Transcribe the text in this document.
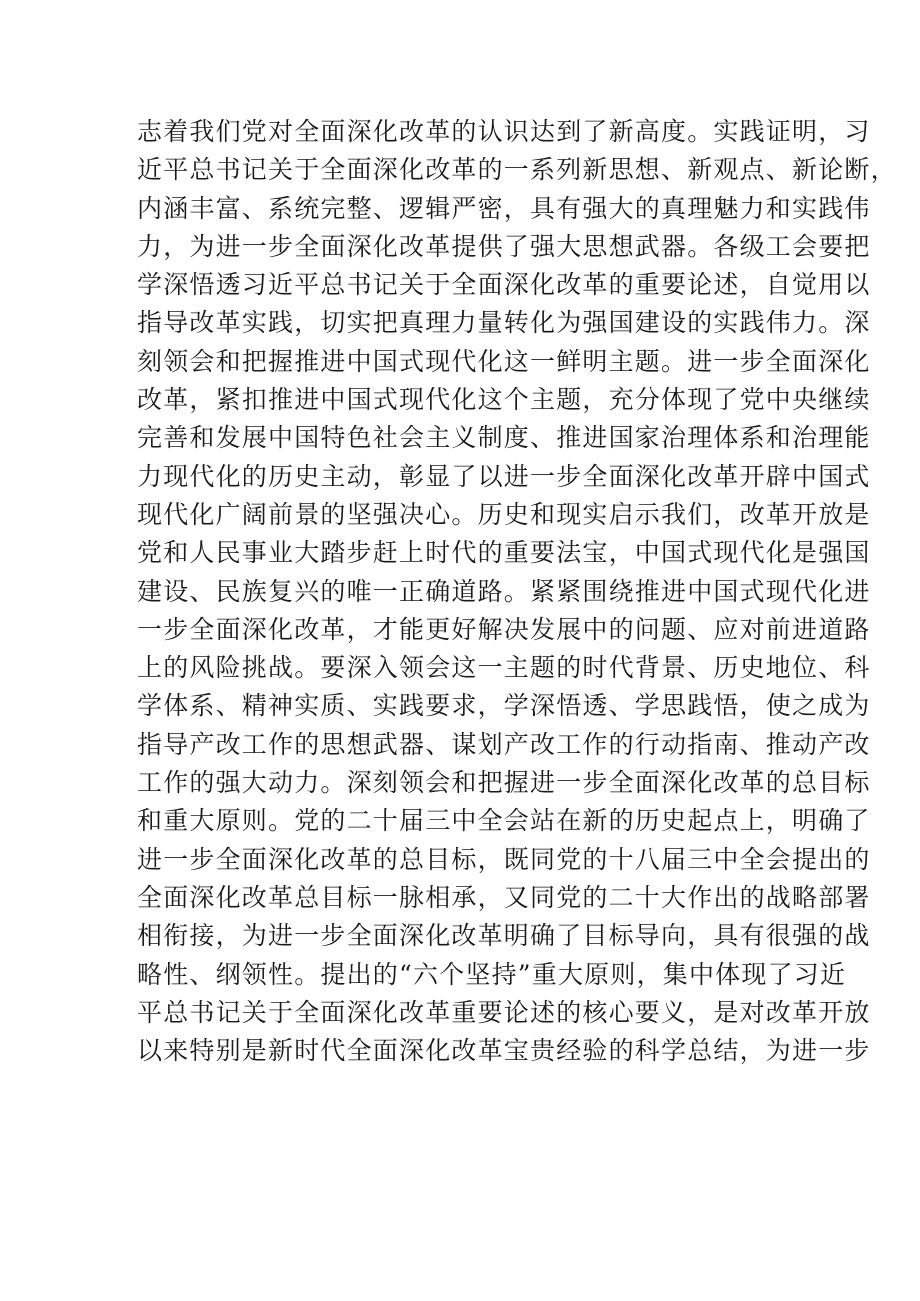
志着我们党对全面深化改革的认识达到了新高度。实践证明，习
近平总书记关于全面深化改革的一系列新思想、新观点、新论断，
内涵丰富、系统完整、逻辑严密，具有强大的真理魅力和实践伟
力，为进一步全面深化改革提供了强大思想武器。各级工会要把
学深悟透习近平总书记关于全面深化改革的重要论述，自觉用以
指导改革实践，切实把真理力量转化为强国建设的实践伟力。深
刻领会和把握推进中国式现代化这一鲜明主题。进一步全面深化
改革，紧扣推进中国式现代化这个主题，充分体现了党中央继续
完善和发展中国特色社会主义制度、推进国家治理体系和治理能
力现代化的历史主动，彰显了以进一步全面深化改革开辟中国式
现代化广阔前景的坚强决心。历史和现实启示我们，改革开放是
党和人民事业大踏步赶上时代的重要法宝，中国式现代化是强国
建设、民族复兴的唯一正确道路。紧紧围绕推进中国式现代化进
一步全面深化改革，才能更好解决发展中的问题、应对前进道路
上的风险挑战。要深入领会这一主题的时代背景、历史地位、科
学体系、精神实质、实践要求，学深悟透、学思践悟，使之成为
指导产改工作的思想武器、谋划产改工作的行动指南、推动产改
工作的强大动力。深刻领会和把握进一步全面深化改革的总目标
和重大原则。党的二十届三中全会站在新的历史起点上，明确了
进一步全面深化改革的总目标，既同党的十八届三中全会提出的
全面深化改革总目标一脉相承，又同党的二十大作出的战略部署
相衔接，为进一步全面深化改革明确了目标导向，具有很强的战
略性、纲领性。提出的“六个坚持”重大原则，集中体现了习近
平总书记关于全面深化改革重要论述的核心要义，是对改革开放
以来特别是新时代全面深化改革宝贵经验的科学总结，为进一步
